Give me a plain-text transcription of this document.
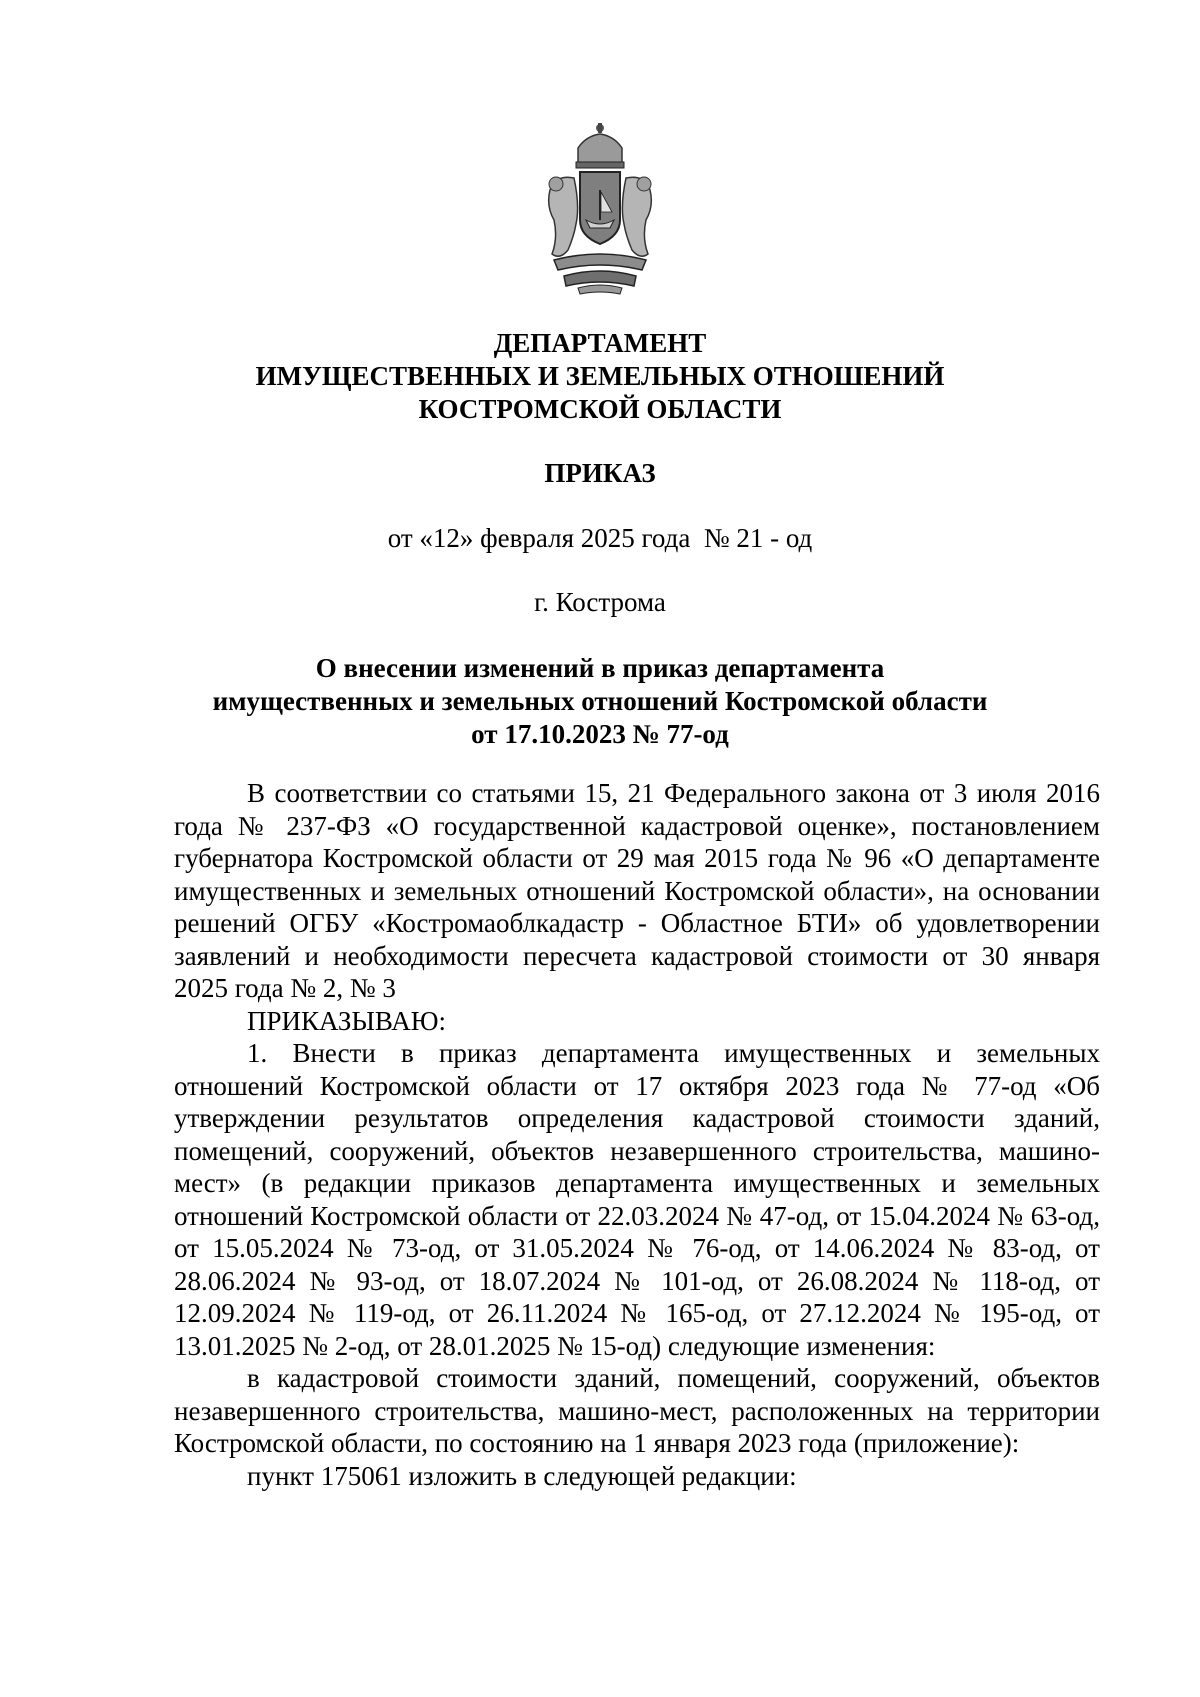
ДЕПАРТАМЕНТ
ИМУЩЕСТВЕННЫХ И ЗЕМЕЛЬНЫХ ОТНОШЕНИЙ
КОСТРОМСКОЙ ОБЛАСТИ
ПРИКАЗ
от «12» февраля 2025 года  № 21 - од
г. Кострома
О внесении изменений в приказ департамента
имущественных и земельных отношений Костромской области
от 17.10.2023 № 77-од

В соответствии со статьями 15, 21 Федерального закона от 3 июля 2016 года № 237-ФЗ «О государственной кадастровой оценке», постановлением губернатора Костромской области от 29 мая 2015 года № 96 «О департаменте имущественных и земельных отношений Костромской области», на основании решений ОГБУ «Костромаоблкадастр - Областное БТИ» об удовлетворении заявлений и необходимости пересчета кадастровой стоимости от 30 января 2025 года № 2, № 3

ПРИКАЗЫВАЮ:

1. Внести в приказ департамента имущественных и земельных отношений Костромской области от 17 октября 2023 года № 77-од «Об утверждении результатов определения кадастровой стоимости зданий, помещений, сооружений, объектов незавершенного строительства, машино-мест» (в редакции приказов департамента имущественных и земельных отношений Костромской области от 22.03.2024 № 47-од, от 15.04.2024 № 63-од, от 15.05.2024 № 73-од, от 31.05.2024 № 76-од, от 14.06.2024 № 83-од, от 28.06.2024 № 93-од, от 18.07.2024 № 101-од, от 26.08.2024 № 118-од, от 12.09.2024 № 119-од, от 26.11.2024 № 165-од, от 27.12.2024 № 195-од, от 13.01.2025 № 2-од, от 28.01.2025 № 15-од) следующие изменения:

в кадастровой стоимости зданий, помещений, сооружений, объектов незавершенного строительства, машино-мест, расположенных на территории Костромской области, по состоянию на 1 января 2023 года (приложение):

пункт 175061 изложить в следующей редакции:
